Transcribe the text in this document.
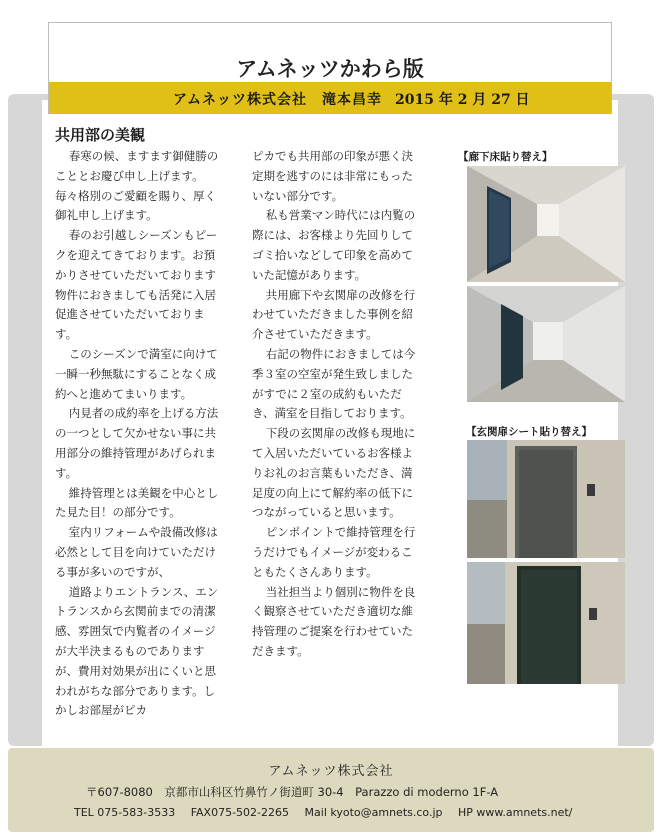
アムネッツかわら版
アムネッツ株式会社　滝本昌幸 2015 年 2 月 27 日
共用部の美観

春寒の候、ますます御健勝のこととお慶び申し上げます。毎々格別のご愛顧を賜り、厚く御礼申し上げます。

春のお引越しシーズンもピークを迎えてきております。お預かりさせていただいております物件におきましても活発に入居促進させていただいております。

このシーズンで満室に向けて一瞬一秒無駄にすることなく成約へと進めてまいります。

内見者の成約率を上げる方法の一つとして欠かせない事に共用部分の維持管理があげられます。

維持管理とは美観を中心とした見た目！の部分です。

室内リフォームや設備改修は必然として目を向けていただける事が多いのですが、

道路よりエントランス、エントランスから玄関前までの清潔感、雰囲気で内覧者のイメージが大半決まるものでありますが、費用対効果が出にくいと思われがちな部分であります。しかしお部屋がピカ

ピカでも共用部の印象が悪く決定期を逃すのには非常にもったいない部分です。

私も営業マン時代には内覧の際には、お客様より先回りしてゴミ拾いなどして印象を高めていた記憶があります。

共用廊下や玄関扉の改修を行わせていただきました事例を紹介させていただきます。

右記の物件におきましては今季３室の空室が発生致しましたがすでに２室の成約もいただき、満室を目指しております。

下段の玄関扉の改修も現地にて入居いただいているお客様よりお礼のお言葉もいただき、満足度の向上にて解約率の低下につながっていると思います。

ピンポイントで維持管理を行うだけでもイメージが変わることもたくさんあります。

当社担当より個別に物件を良く観察させていただき適切な維持管理のご提案を行わせていただきます。

【廊下床貼り替え】
【玄関扉シート貼り替え】
アムネッツ株式会社
〒607-8080　京都市山科区竹鼻竹ノ街道町 30-4　Parazzo di moderno 1F-A
TEL 075-583-3533 FAX075-502-2265 Mail kyoto@amnets.co.jp HP www.amnets.net/
